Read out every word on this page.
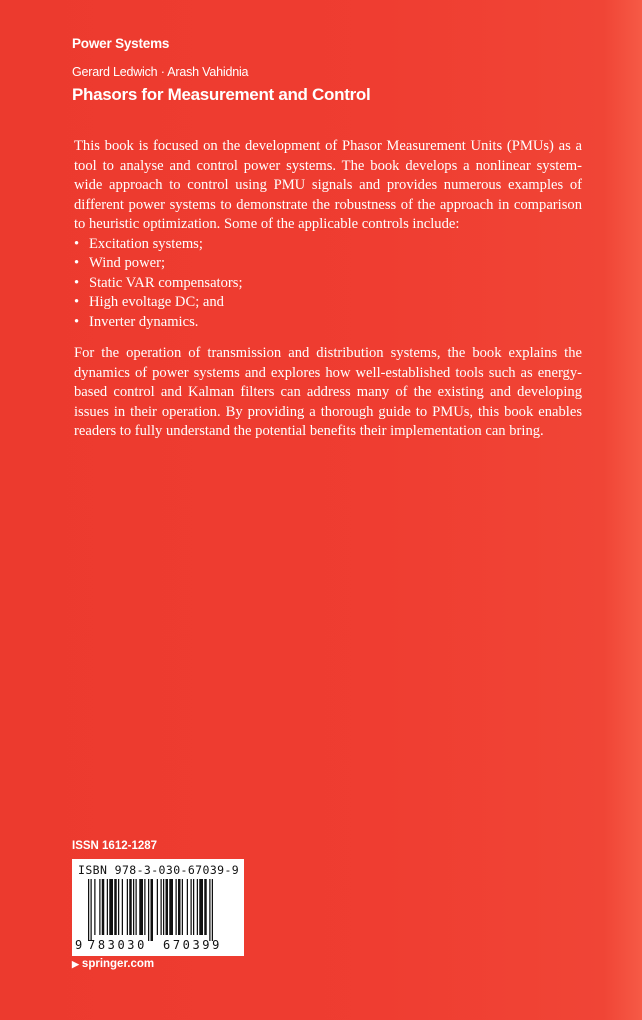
Power Systems
Gerard Ledwich · Arash Vahidnia
Phasors for Measurement and Control

This book is focused on the development of Phasor Measurement Units (PMUs) as a tool to analyse and control power systems. The book develops a nonlinear system-wide approach to control using PMU signals and provides numerous examples of different power systems to demonstrate the robustness of the approach in comparison to heuristic optimization. Some of the applicable controls include:

• Excitation systems;
• Wind power;
• Static VAR compensators;
• High evoltage DC; and
• Inverter dynamics.

For the operation of transmission and distribution systems, the book explains the dynamics of power systems and explores how well-established tools such as energy-based control and Kalman filters can address many of the existing and developing issues in their operation. By providing a thorough guide to PMUs, this book enables readers to fully understand the potential benefits their implementation can bring.

ISSN 1612-1287
ISBN 978-3-030-67039-9
9 783030 670399
▶ springer.com
